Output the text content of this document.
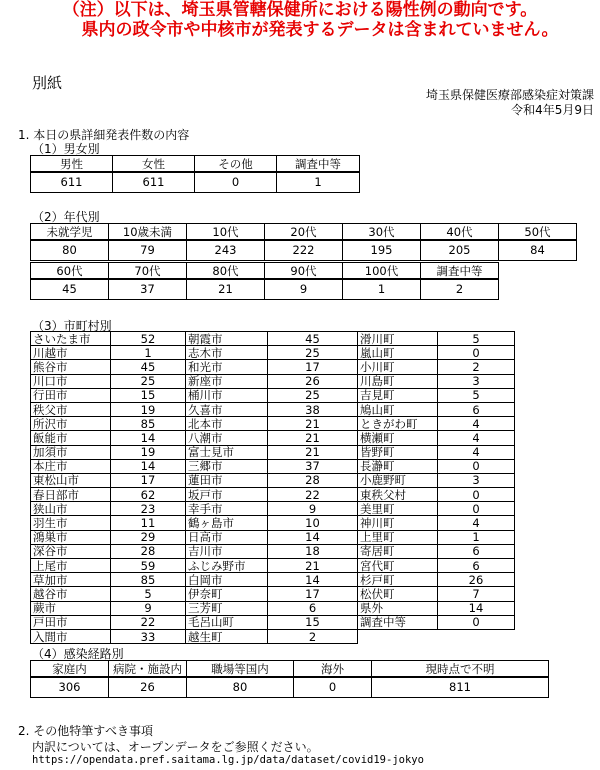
（注）以下は、埼玉県管轄保健所における陽性例の動向です。
県内の政令市や中核市が発表するデータは含まれていません。
別紙
埼玉県保健医療部感染症対策課
令和4年5月9日
1. 本日の県詳細発表件数の内容
（1）男女別
男性	女性	その他	調査中等
611	611	0	1
（2）年代別
未就学児	10歳未満	10代	20代	30代	40代	50代
80	79	243	222	195	205	84
60代	70代	80代	90代	100代	調査中等
45	37	21	9	1	2
（3）市町村別
さいたま市	52	朝霞市	45	滑川町	5
川越市	1	志木市	25	嵐山町	0
熊谷市	45	和光市	17	小川町	2
川口市	25	新座市	26	川島町	3
行田市	15	桶川市	25	吉見町	5
秩父市	19	久喜市	38	鳩山町	6
所沢市	85	北本市	21	ときがわ町	4
飯能市	14	八潮市	21	横瀬町	4
加須市	19	富士見市	21	皆野町	4
本庄市	14	三郷市	37	長瀞町	0
東松山市	17	蓮田市	28	小鹿野町	3
春日部市	62	坂戸市	22	東秩父村	0
狭山市	23	幸手市	9	美里町	0
羽生市	11	鶴ヶ島市	10	神川町	4
鴻巣市	29	日高市	14	上里町	1
深谷市	28	吉川市	18	寄居町	6
上尾市	59	ふじみ野市	21	宮代町	6
草加市	85	白岡市	14	杉戸町	26
越谷市	5	伊奈町	17	松伏町	7
蕨市	9	三芳町	6	県外	14
戸田市	22	毛呂山町	15	調査中等	0
入間市	33	越生町	2		
（4）感染経路別
家庭内	病院・施設内	職場等国内	海外	現時点で不明
306	26	80	0	811
2. その他特筆すべき事項
内訳については、オープンデータをご参照ください。
https://opendata.pref.saitama.lg.jp/data/dataset/covid19-jokyo
